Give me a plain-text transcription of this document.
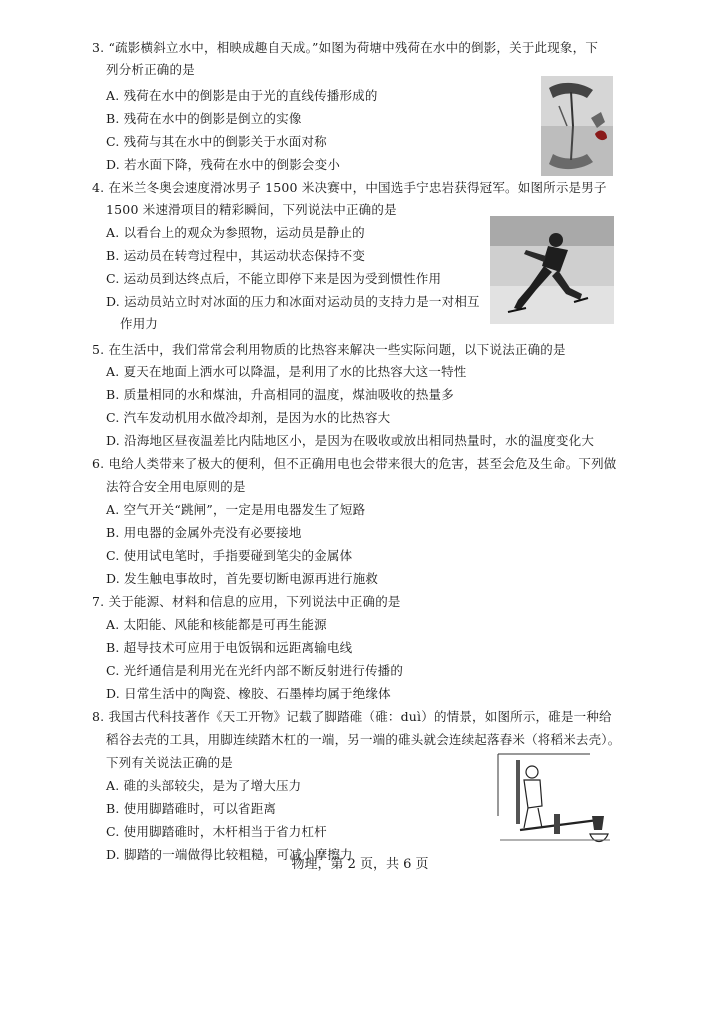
3. “疏影横斜立水中，相映成趣自天成。”如图为荷塘中残荷在水中的倒影，关于此现象，下
列分析正确的是
A. 残荷在水中的倒影是由于光的直线传播形成的
B. 残荷在水中的倒影是倒立的实像
C. 残荷与其在水中的倒影关于水面对称
D. 若水面下降，残荷在水中的倒影会变小
4. 在米兰冬奥会速度滑冰男子 1500 米决赛中，中国选手宁忠岩获得冠军。如图所示是男子
1500 米速滑项目的精彩瞬间，下列说法中正确的是
A. 以看台上的观众为参照物，运动员是静止的
B. 运动员在转弯过程中，其运动状态保持不变
C. 运动员到达终点后，不能立即停下来是因为受到惯性作用
D. 运动员站立时对冰面的压力和冰面对运动员的支持力是一对相互
作用力
5. 在生活中，我们常常会利用物质的比热容来解决一些实际问题，以下说法正确的是
A. 夏天在地面上洒水可以降温，是利用了水的比热容大这一特性
B. 质量相同的水和煤油，升高相同的温度，煤油吸收的热量多
C. 汽车发动机用水做冷却剂，是因为水的比热容大
D. 沿海地区昼夜温差比内陆地区小，是因为在吸收或放出相同热量时，水的温度变化大
6. 电给人类带来了极大的便利，但不正确用电也会带来很大的危害，甚至会危及生命。下列做
法符合安全用电原则的是
A. 空气开关“跳闸”，一定是用电器发生了短路
B. 用电器的金属外壳没有必要接地
C. 使用试电笔时，手指要碰到笔尖的金属体
D. 发生触电事故时，首先要切断电源再进行施救
7. 关于能源、材料和信息的应用，下列说法中正确的是
A. 太阳能、风能和核能都是可再生能源
B. 超导技术可应用于电饭锅和远距离输电线
C. 光纤通信是利用光在光纤内部不断反射进行传播的
D. 日常生活中的陶瓷、橡胶、石墨棒均属于绝缘体
8. 我国古代科技著作《天工开物》记载了脚踏碓（碓：duì）的情景，如图所示，碓是一种给
稻谷去壳的工具，用脚连续踏木杠的一端，另一端的碓头就会连续起落舂米（将稻米去壳）。
下列有关说法正确的是
A. 碓的头部较尖，是为了增大压力
B. 使用脚踏碓时，可以省距离
C. 使用脚踏碓时，木杆相当于省力杠杆
D. 脚踏的一端做得比较粗糙，可减小摩擦力
物理，第 2 页，共 6 页
